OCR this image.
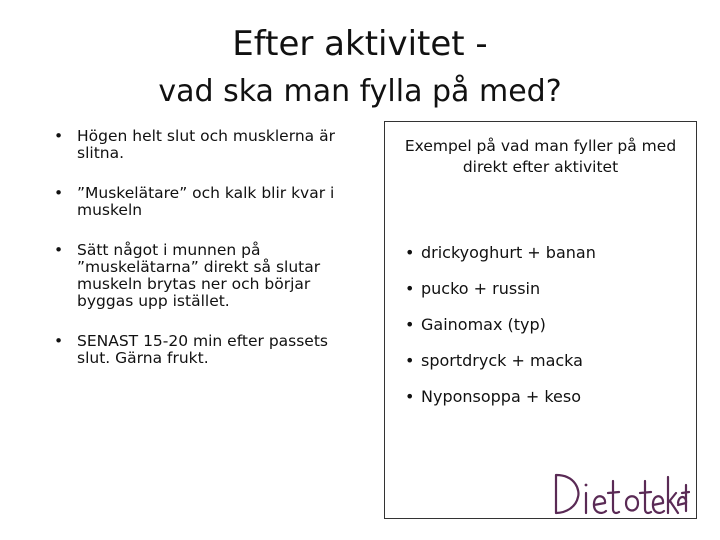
Efter aktivitet -
vad ska man fylla på med?
• Högen helt slut och musklerna är slitna.
• ”Muskelätare” och kalk blir kvar i muskeln
• Sätt något i munnen på ”muskelätarna” direkt så slutar muskeln brytas ner och börjar byggas upp istället.
• SENAST 15-20 min efter passets slut. Gärna frukt.
Exempel på vad man fyller på med direkt efter aktivitet
• drickyoghurt + banan
• pucko + russin
• Gainomax (typ)
• sportdryck + macka
• Nyponsoppa + keso
